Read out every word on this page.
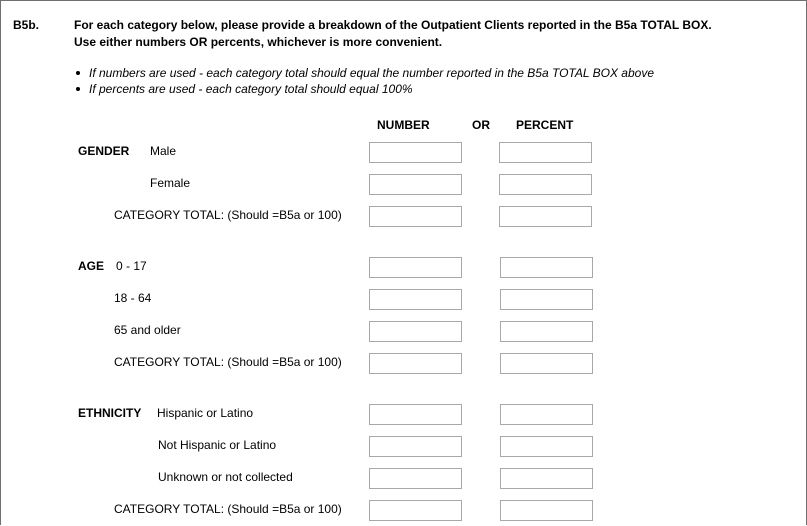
B5b.	For each category below, please provide a breakdown of the Outpatient Clients reported in the B5a TOTAL BOX.
Use either numbers OR percents, whichever is more convenient.
If numbers are used - each category total should equal the number reported in the B5a TOTAL BOX above
If percents are used - each category total should equal 100%
NUMBER	OR PERCENT
GENDER Male
Female
CATEGORY TOTAL: (Should =B5a or 100)
AGE 0 - 17
18 - 64
65 and older
CATEGORY TOTAL: (Should =B5a or 100)
ETHNICITY Hispanic or Latino
Not Hispanic or Latino
Unknown or not collected
CATEGORY TOTAL: (Should =B5a or 100)
